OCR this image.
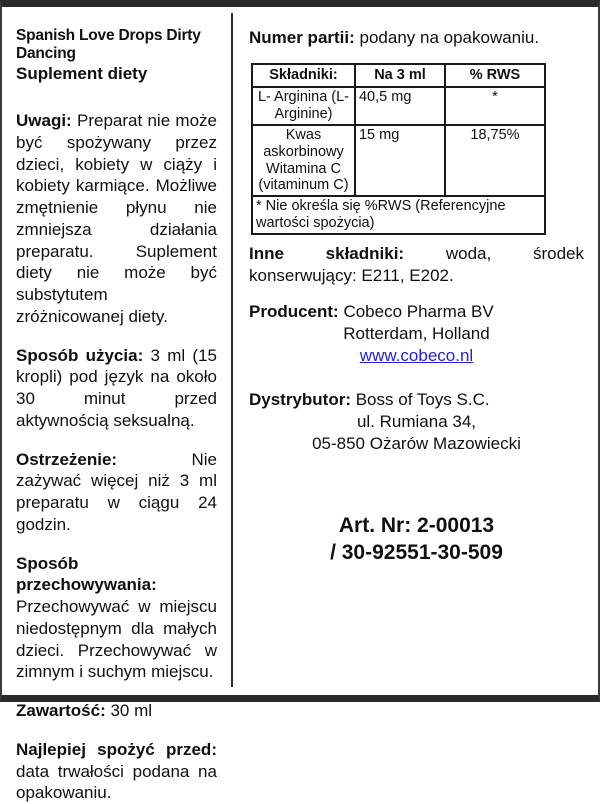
Spanish Love Drops Dirty Dancing
Suplement diety

Uwagi: Preparat nie może być spożywany przez dzieci, kobiety w ciąży i kobiety karmiące. Możliwe zmętnienie płynu nie zmniejsza działania preparatu. Suplement diety nie może być substytutem zróżnicowanej diety.

Sposób użycia: 3 ml (15 kropli) pod język na około 30 minut przed aktywnością seksualną.

Ostrzeżenie: Nie zażywać więcej niż 3 ml preparatu w ciągu 24 godzin.

Sposób przechowywania: Przechowywać w miejscu niedostępnym dla małych dzieci. Przechowywać w zimnym i suchym miejscu.

Zawartość: 30 ml

Najlepiej spożyć przed: data trwałości podana na opakowaniu.

Numer partii: podany na opakowaniu.

Składniki:	Na 3 ml	% RWS
L- Arginina (L-Arginine)	40,5 mg	*
Kwas askorbinowy Witamina C (vitaminum C)	15 mg	18,75%
* Nie określa się %RWS (Referencyjne wartości spożycia)		

Inne składniki: woda, środek konserwujący: E211, E202.

Producent: Cobeco Pharma BV
Rotterdam, Holland
www.cobeco.nl
Dystrybutor: Boss of Toys S.C.
ul. Rumiana 34,
05-850 Ożarów Mazowiecki
Art. Nr: 2-00013
/ 30-92551-30-509
